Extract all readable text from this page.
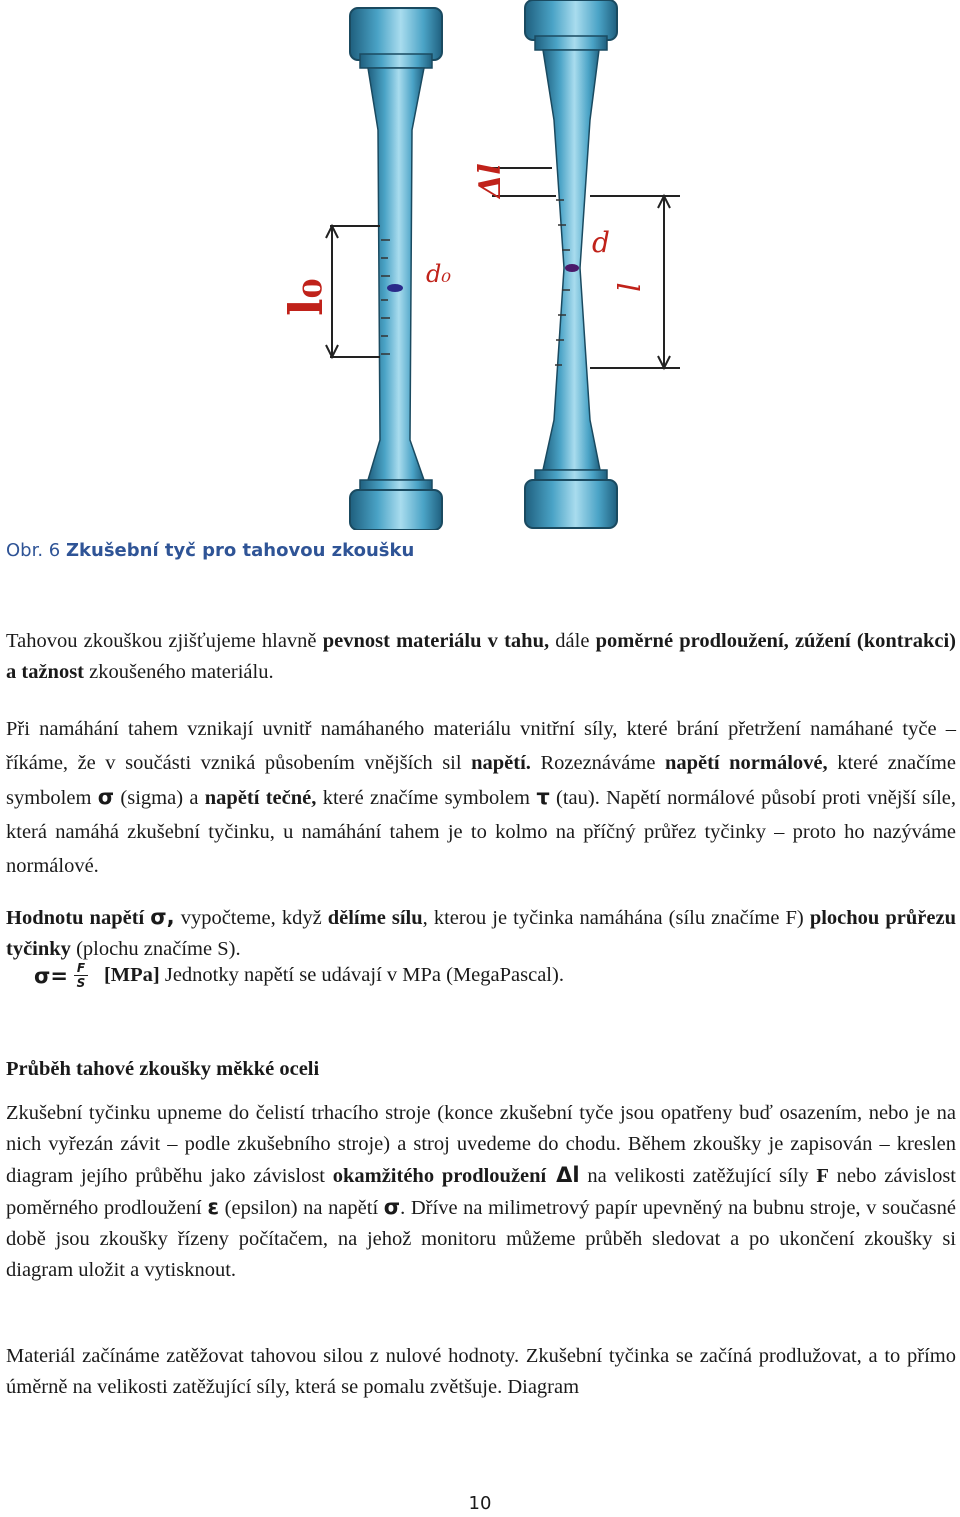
l₀
d₀
Δl
d
l
Obr. 6 Zkušební tyč pro tahovou zkoušku
Tahovou zkouškou zjišťujeme hlavně pevnost materiálu v tahu, dále poměrné prodloužení, zúžení (kontrakci) a tažnost zkoušeného materiálu.
Při namáhání tahem vznikají uvnitř namáhaného materiálu vnitřní síly, které brání přetržení namáhané tyče – říkáme, že v součásti vzniká působením vnějších sil napětí. Rozeznáváme napětí normálové, které značíme symbolem σ (sigma) a napětí tečné, které značíme symbolem τ (tau). Napětí normálové působí proti vnější síle, která namáhá zkušební tyčinku, u namáhání tahem je to kolmo na příčný průřez tyčinky – proto ho nazýváme normálové.
Hodnotu napětí σ, vypočteme, když dělíme sílu, kterou je tyčinka namáhána (sílu značíme F) plochou průřezu tyčinky (plochu značíme S).
$\sigma= \frac{F}{S} [MPa]$ Jednotky napětí se udávají v MPa (MegaPascal).
Průběh tahové zkoušky měkké oceli
Zkušební tyčinku upneme do čelistí trhacího stroje (konce zkušební tyče jsou opatřeny buď osazením, nebo je na nich vyřezán závit – podle zkušebního stroje) a stroj uvedeme do chodu. Během zkoušky je zapisován – kreslen diagram jejího průběhu jako závislost okamžitého prodloužení Δl na velikosti zatěžující síly F nebo závislost poměrného prodloužení ε (epsilon) na napětí σ. Dříve na milimetrový papír upevněný na bubnu stroje, v současné době jsou zkoušky řízeny počítačem, na jehož monitoru můžeme průběh sledovat a po ukončení zkoušky si diagram uložit a vytisknout.
Materiál začínáme zatěžovat tahovou silou z nulové hodnoty. Zkušební tyčinka se začíná prodlužovat, a to přímo úměrně na velikosti zatěžující síly, která se pomalu zvětšuje. Diagram
10
